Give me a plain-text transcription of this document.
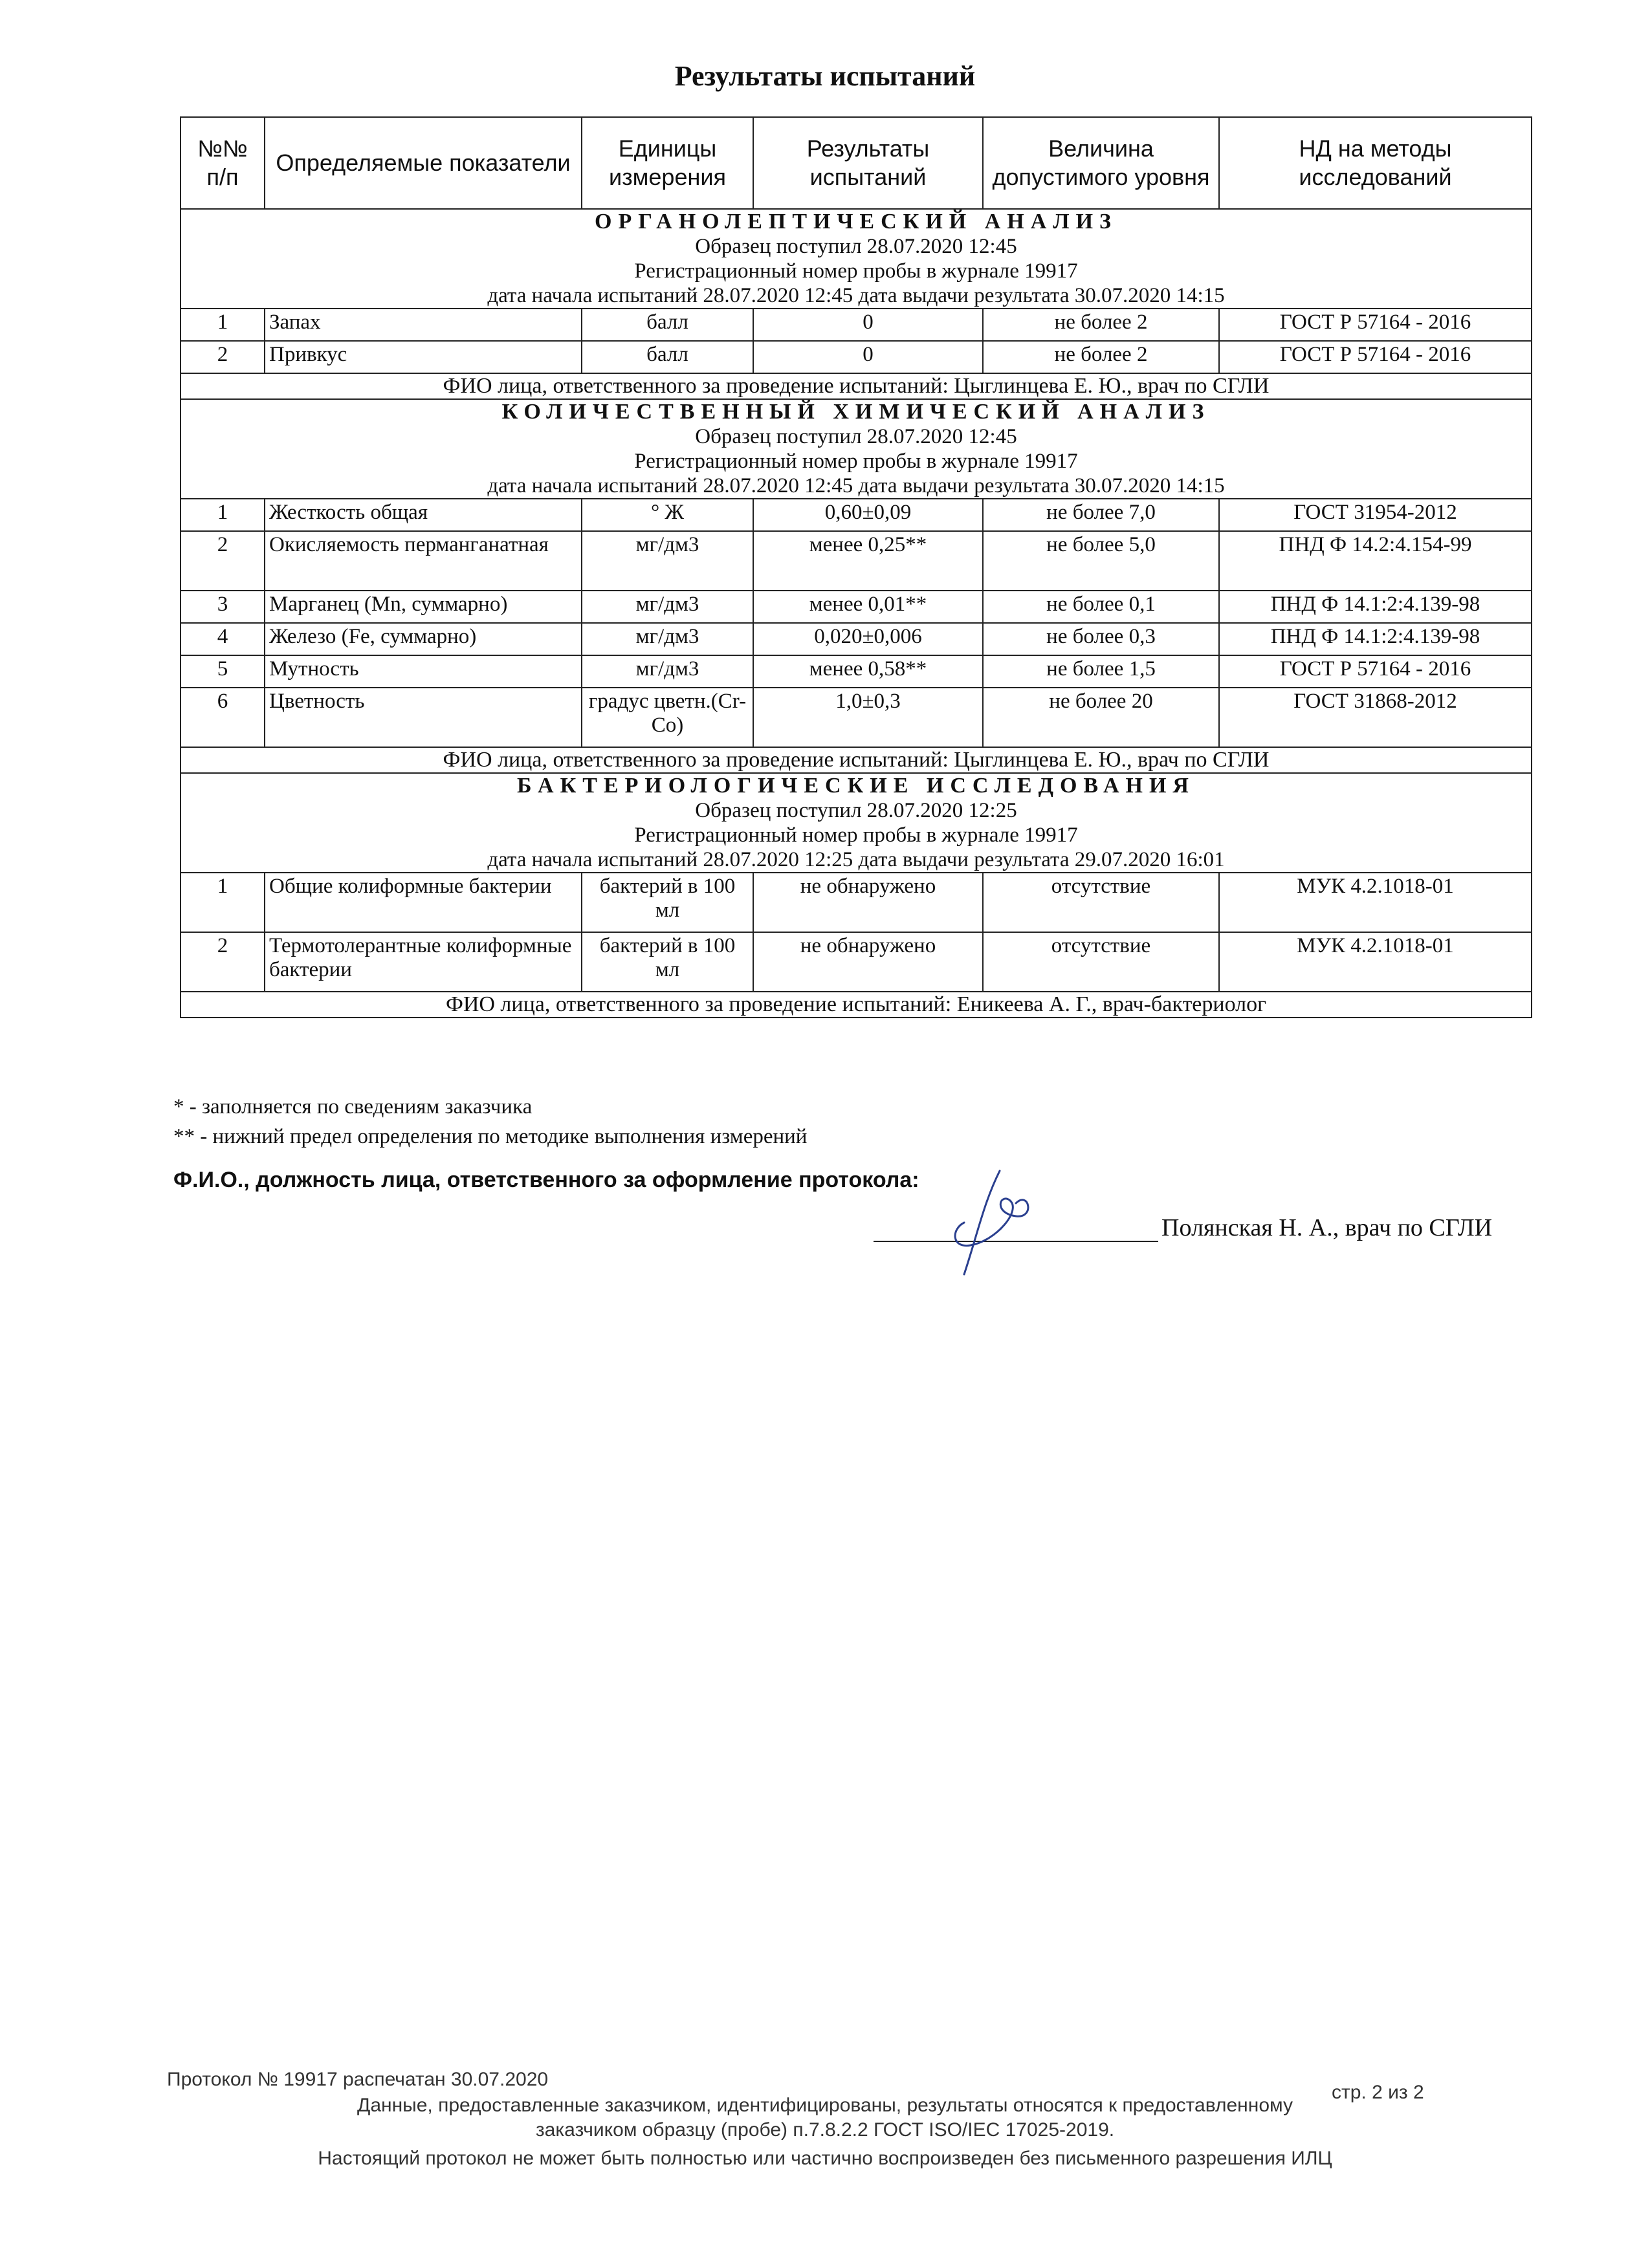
Результаты испытаний
№№ п/п	Определяемые показатели	Единицы измерения	Результаты испытаний	Величина допустимого уровня	НД на методы исследований

ОРГАНОЛЕПТИЧЕСКИЙ АНАЛИЗ
Образец поступил 28.07.2020 12:45
Регистрационный номер пробы в журнале 19917
дата начала испытаний 28.07.2020 12:45 дата выдачи результата 30.07.2020 14:15					

1	Запах	балл	0	не более 2	ГОСТ Р 57164 - 2016
2	Привкус	балл	0	не более 2	ГОСТ Р 57164 - 2016
ФИО лица, ответственного за проведение испытаний: Цыглинцева Е. Ю., врач по СГЛИ					

КОЛИЧЕСТВЕННЫЙ ХИМИЧЕСКИЙ АНАЛИЗ
Образец поступил 28.07.2020 12:45
Регистрационный номер пробы в журнале 19917
дата начала испытаний 28.07.2020 12:45 дата выдачи результата 30.07.2020 14:15					

1	Жесткость общая	° Ж	0,60±0,09	не более 7,0	ГОСТ 31954-2012
2	Окисляемость перманганатная	мг/дм3	менее 0,25**	не более 5,0	ПНД Ф 14.2:4.154-99
3	Марганец (Mn, суммарно)	мг/дм3	менее 0,01**	не более 0,1	ПНД Ф 14.1:2:4.139-98
4	Железо (Fe, суммарно)	мг/дм3	0,020±0,006	не более 0,3	ПНД Ф 14.1:2:4.139-98
5	Мутность	мг/дм3	менее 0,58**	не более 1,5	ГОСТ Р 57164 - 2016
6	Цветность	градус цветн.(Cr-Co)	1,0±0,3	не более 20	ГОСТ 31868-2012
ФИО лица, ответственного за проведение испытаний: Цыглинцева Е. Ю., врач по СГЛИ					

БАКТЕРИОЛОГИЧЕСКИЕ ИССЛЕДОВАНИЯ
Образец поступил 28.07.2020 12:25
Регистрационный номер пробы в журнале 19917
дата начала испытаний 28.07.2020 12:25 дата выдачи результата 29.07.2020 16:01					

1	Общие колиформные бактерии	бактерий в 100 мл	не обнаружено	отсутствие	МУК 4.2.1018-01
2	Термотолерантные колиформные бактерии	бактерий в 100 мл	не обнаружено	отсутствие	МУК 4.2.1018-01
ФИО лица, ответственного за проведение испытаний: Еникеева А. Г., врач-бактериолог					
* - заполняется по сведениям заказчика
** - нижний предел определения по методике выполнения измерений
Ф.И.О., должность лица, ответственного за оформление протокола:
Полянская Н. А., врач по СГЛИ
Протокол № 19917 распечатан 30.07.2020
стр. 2 из 2
Данные, предоставленные заказчиком, идентифицированы, результаты относятся к предоставленному
заказчиком образцу (пробе) п.7.8.2.2 ГОСТ ISO/IEC 17025-2019.
Настоящий протокол не может быть полностью или частично воспроизведен без письменного разрешения ИЛЦ
